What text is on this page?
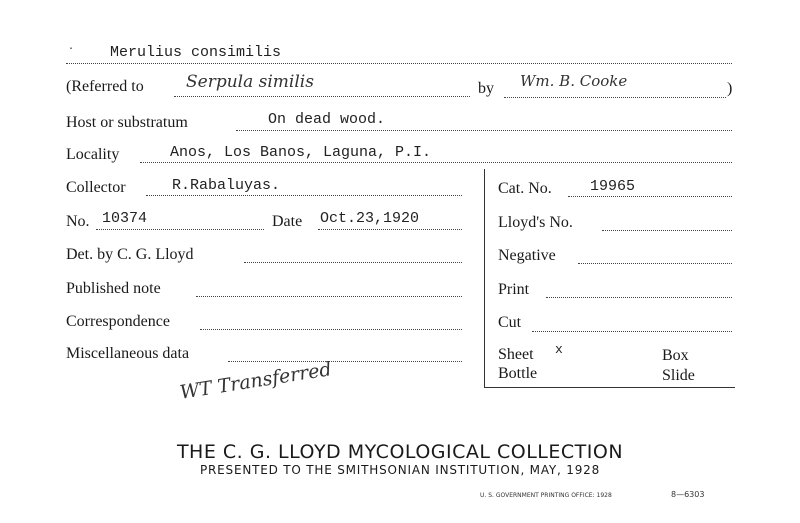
. Merulius consimilis
(Referred to Serpula similis	by Wm. B. Cooke	)
Host or substratum	On dead wood.
Locality	Anos, Los Banos, Laguna, P.I.
Collector	R.Rabaluyas.	Cat. No.	19965
No. 10374	Date Oct.23,1920	Lloyd's No.
Det. by C. G. Lloyd	Negative
Published note	Print
Correspondence	Cut
Miscellaneous data	Sheet x	Box
Bottle	Slide
WT Transferred
THE C. G. LLOYD MYCOLOGICAL COLLECTION
PRESENTED TO THE SMITHSONIAN INSTITUTION, MAY, 1928
U. S. GOVERNMENT PRINTING OFFICE: 1928	8—6303
